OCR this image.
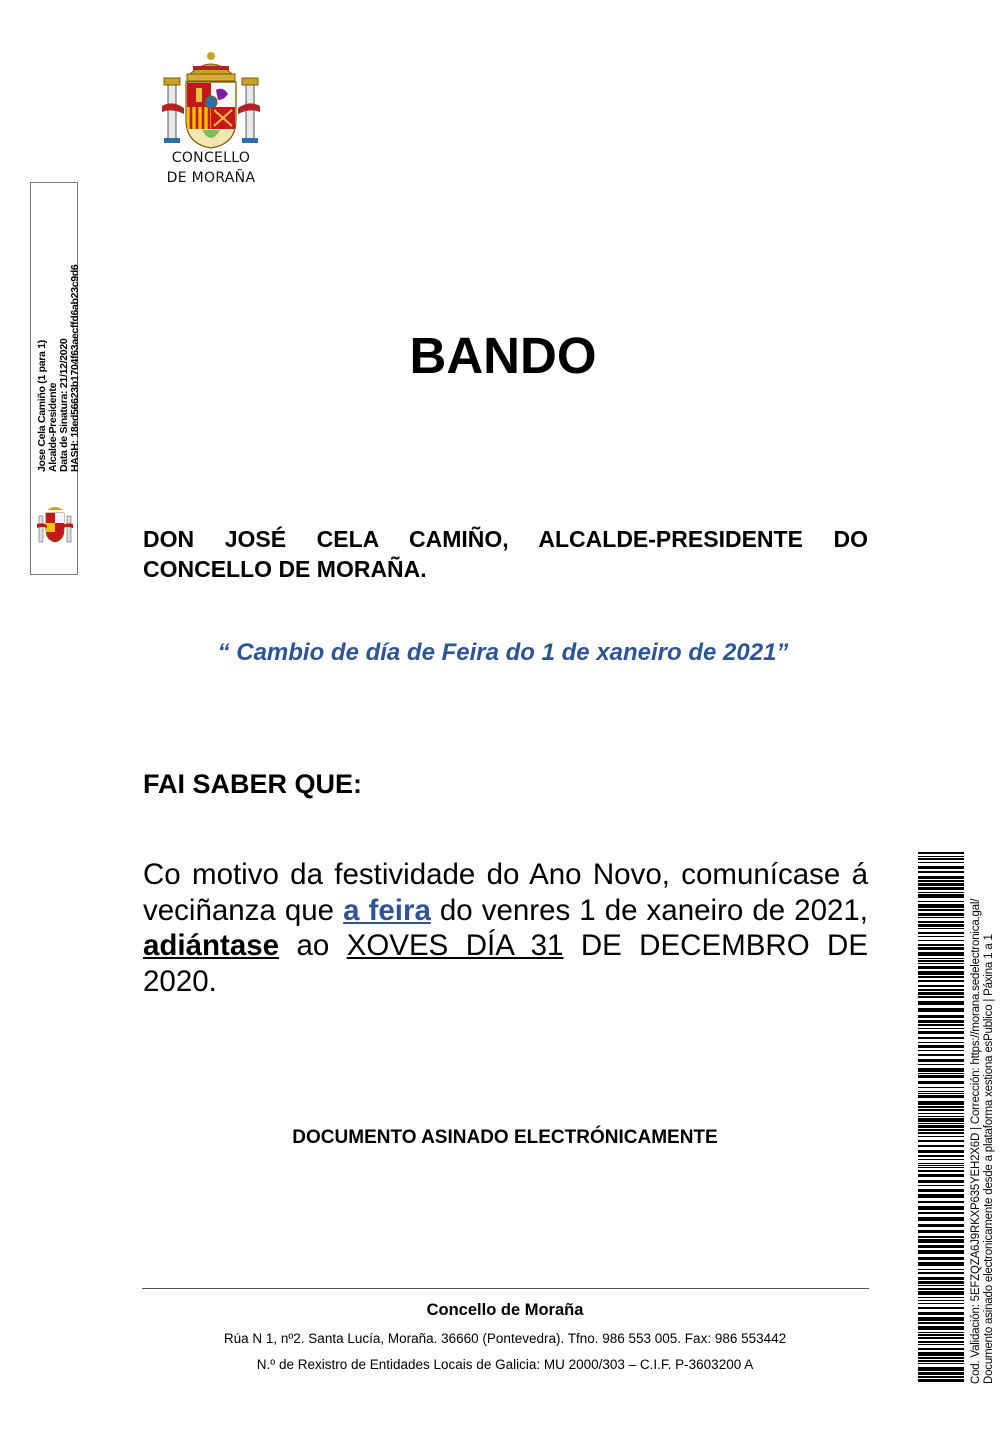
CONCELLO
DE MORAÑA
Jose Cela Camiño (1 para 1) Alcalde-Presidente Data de Sinatura: 21/12/2020 HASH: 18ed56623b1704f63aecffd6ab23c9d6	BANDO
DON JOSÉ CELA CAMIÑO, ALCALDE-PRESIDENTE DO CONCELLO DE MORAÑA.
“ Cambio de día de Feira do 1 de xaneiro de 2021”
FAI SABER QUE:
Co motivo da festividade do Ano Novo, comunícase á veciñanza que a feira do venres 1 de xaneiro de 2021, adiántase ao XOVES DÍA 31 DE DECEMBRO DE 2020.
DOCUMENTO ASINADO ELECTRÓNICAMENTE
Concello de Moraña
Rúa N 1, nº2. Santa Lucía, Moraña. 36660 (Pontevedra). Tfno. 986 553 005. Fax: 986 553442
N.º de Rexistro de Entidades Locais de Galicia: MU 2000/303 – C.I.F. P-3603200 A	Cod. Validación: 5EFZQZA6J9RKXP635YEH2X6D | Corrección: https://morana.sedelectronica.gal/ Documento asinado electronicamente desde a plataforma xestiona esPublico | Páxina 1 a 1
